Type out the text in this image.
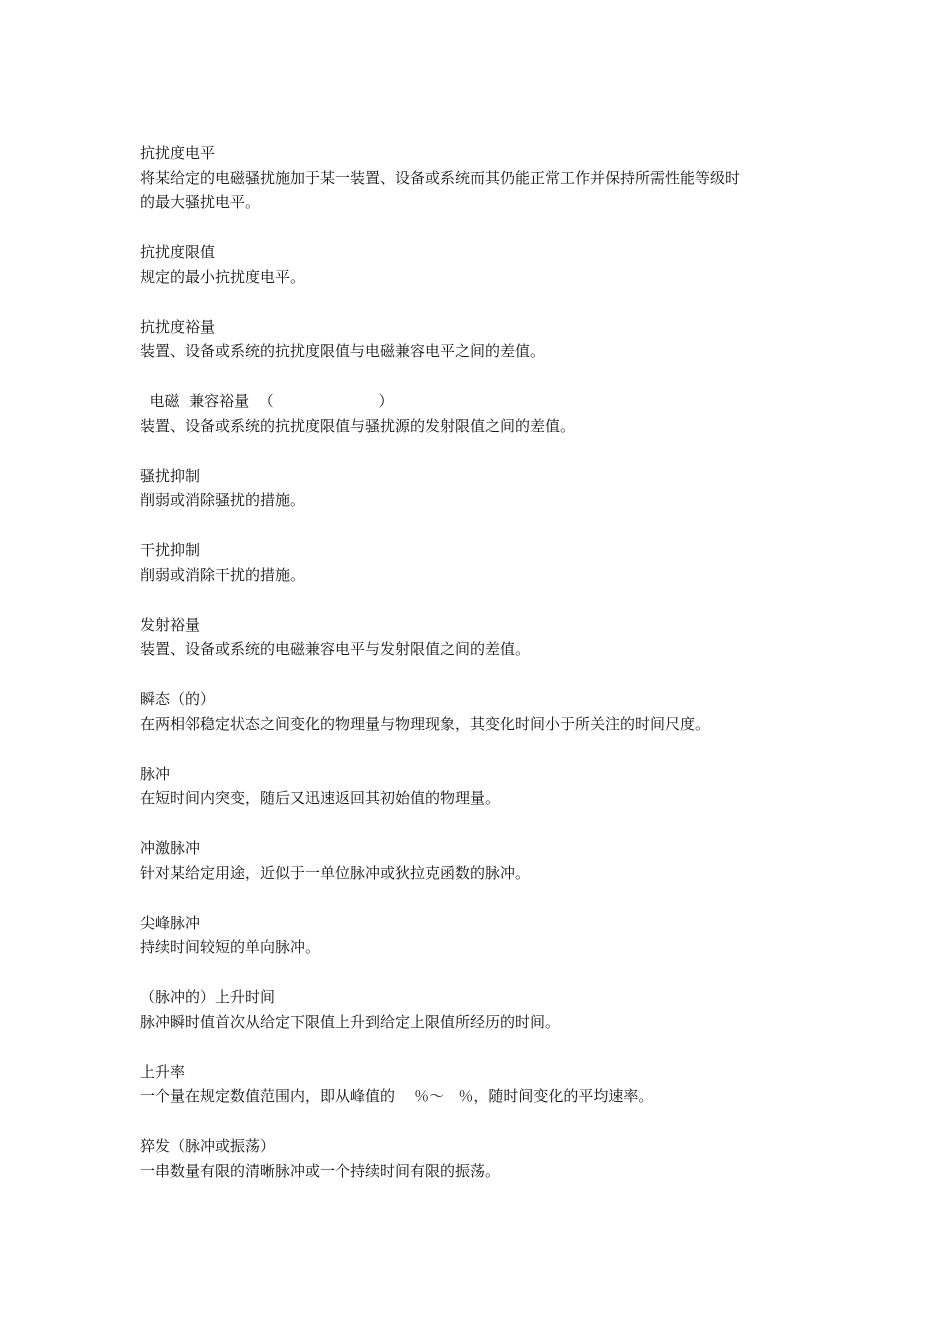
抗扰度电平
将某给定的电磁骚扰施加于某一装置、设备或系统而其仍能正常工作并保持所需性能等级时
的最大骚扰电平。
抗扰度限值
规定的最小抗扰度电平。
抗扰度裕量
装置、设备或系统的抗扰度限值与电磁兼容电平之间的差值。
电磁  兼容裕量  （                      ）
装置、设备或系统的抗扰度限值与骚扰源的发射限值之间的差值。
骚扰抑制
削弱或消除骚扰的措施。
干扰抑制
削弱或消除干扰的措施。
发射裕量
装置、设备或系统的电磁兼容电平与发射限值之间的差值。
瞬态（的）
在两相邻稳定状态之间变化的物理量与物理现象，其变化时间小于所关注的时间尺度。
脉冲
在短时间内突变，随后又迅速返回其初始值的物理量。
冲激脉冲
针对某给定用途，近似于一单位脉冲或狄拉克函数的脉冲。
尖峰脉冲
持续时间较短的单向脉冲。
（脉冲的）上升时间
脉冲瞬时值首次从给定下限值上升到给定上限值所经历的时间。
上升率
一个量在规定数值范围内，即从峰值的    ％～   ％，随时间变化的平均速率。
猝发（脉冲或振荡）
一串数量有限的清晰脉冲或一个持续时间有限的振荡。
